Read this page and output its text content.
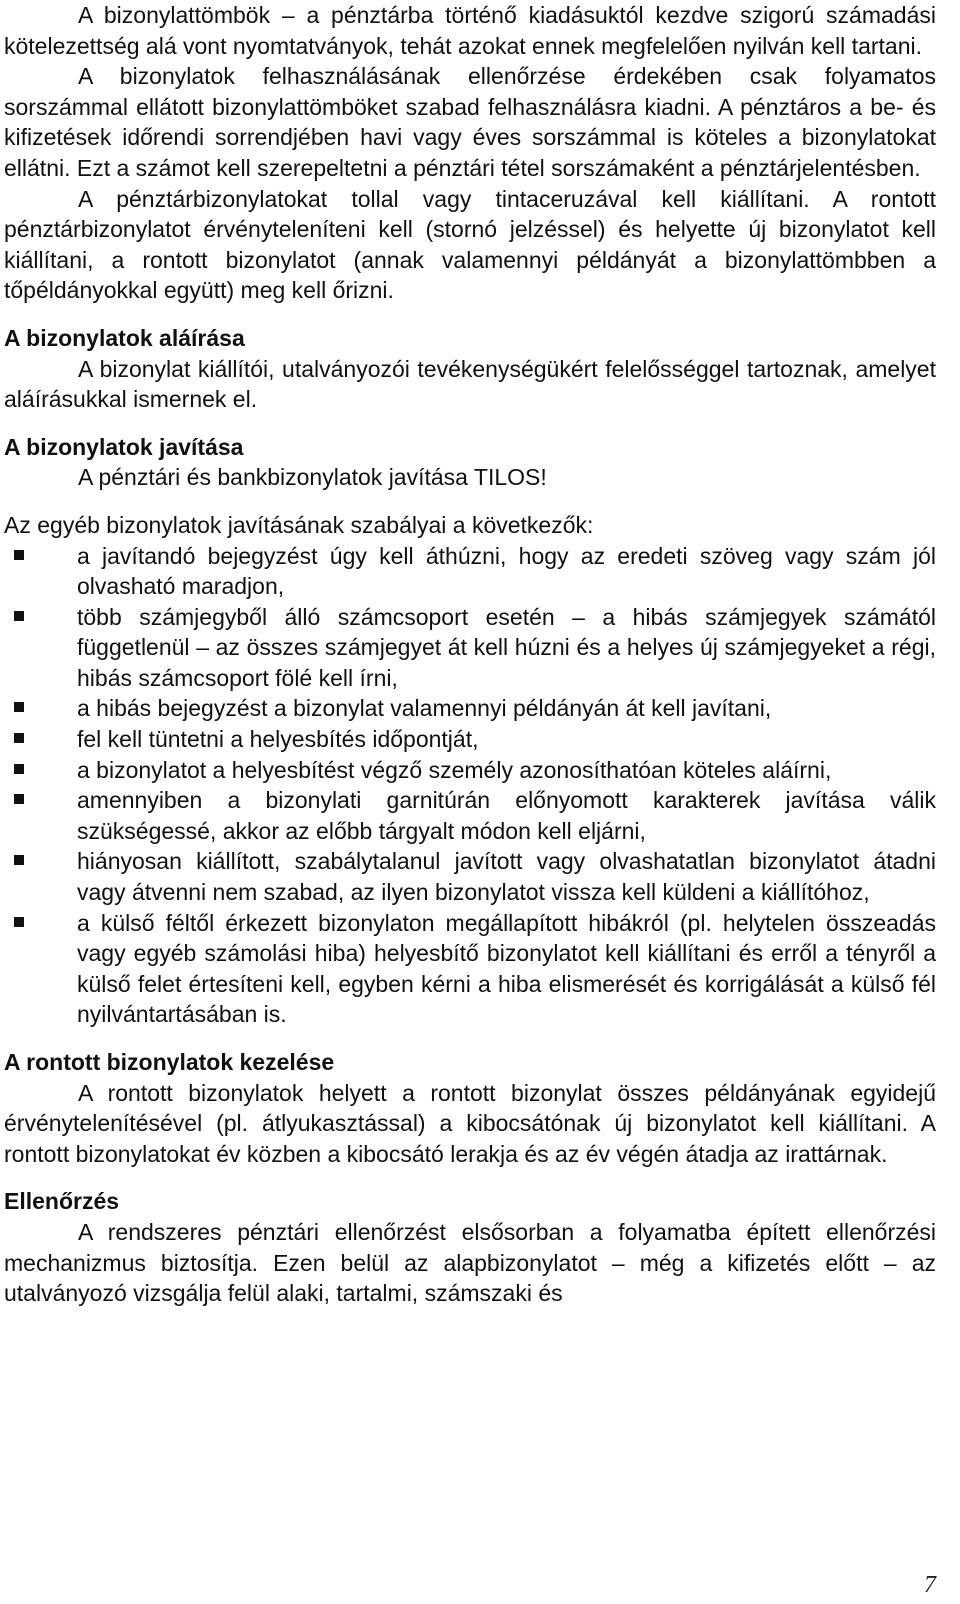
A bizonylattömbök – a pénztárba történő kiadásuktól kezdve szigorú számadási kötelezettség alá vont nyomtatványok, tehát azokat ennek megfelelően nyilván kell tartani.

A bizonylatok felhasználásának ellenőrzése érdekében csak folyamatos sorszámmal ellátott bizonylattömböket szabad felhasználásra kiadni. A pénztáros a be- és kifizetések időrendi sorrendjében havi vagy éves sorszámmal is köteles a bizonylatokat ellátni. Ezt a számot kell szerepeltetni a pénztári tétel sorszámaként a pénztárjelentésben.

A pénztárbizonylatokat tollal vagy tintaceruzával kell kiállítani. A rontott pénztárbizonylatot érvényteleníteni kell (stornó jelzéssel) és helyette új bizonylatot kell kiállítani, a rontott bizonylatot (annak valamennyi példányát a bizonylattömbben a tőpéldányokkal együtt) meg kell őrizni.

A bizonylatok aláírása

A bizonylat kiállítói, utalványozói tevékenységükért felelősséggel tartoznak, amelyet aláírásukkal ismernek el.

A bizonylatok javítása

A pénztári és bankbizonylatok javítása TILOS!

Az egyéb bizonylatok javításának szabályai a következők:

a javítandó bejegyzést úgy kell áthúzni, hogy az eredeti szöveg vagy szám jól olvasható maradjon,
több számjegyből álló számcsoport esetén – a hibás számjegyek számától függetlenül – az összes számjegyet át kell húzni és a helyes új számjegyeket a régi, hibás számcsoport fölé kell írni,
a hibás bejegyzést a bizonylat valamennyi példányán át kell javítani,
fel kell tüntetni a helyesbítés időpontját,
a bizonylatot a helyesbítést végző személy azonosíthatóan köteles aláírni,
amennyiben a bizonylati garnitúrán előnyomott karakterek javítása válik szükségessé, akkor az előbb tárgyalt módon kell eljárni,
hiányosan kiállított, szabálytalanul javított vagy olvashatatlan bizonylatot átadni vagy átvenni nem szabad, az ilyen bizonylatot vissza kell küldeni a kiállítóhoz,
a külső féltől érkezett bizonylaton megállapított hibákról (pl. helytelen összeadás vagy egyéb számolási hiba) helyesbítő bizonylatot kell kiállítani és erről a tényről a külső felet értesíteni kell, egyben kérni a hiba elismerését és korrigálását a külső fél nyilvántartásában is.
A rontott bizonylatok kezelése

A rontott bizonylatok helyett a rontott bizonylat összes példányának egyidejű érvénytelenítésével (pl. átlyukasztással) a kibocsátónak új bizonylatot kell kiállítani. A rontott bizonylatokat év közben a kibocsátó lerakja és az év végén átadja az irattárnak.

Ellenőrzés

A rendszeres pénztári ellenőrzést elsősorban a folyamatba épített ellenőrzési mechanizmus biztosítja. Ezen belül az alapbizonylatot – még a kifizetés előtt – az utalványozó vizsgálja felül alaki, tartalmi, számszaki és

7
